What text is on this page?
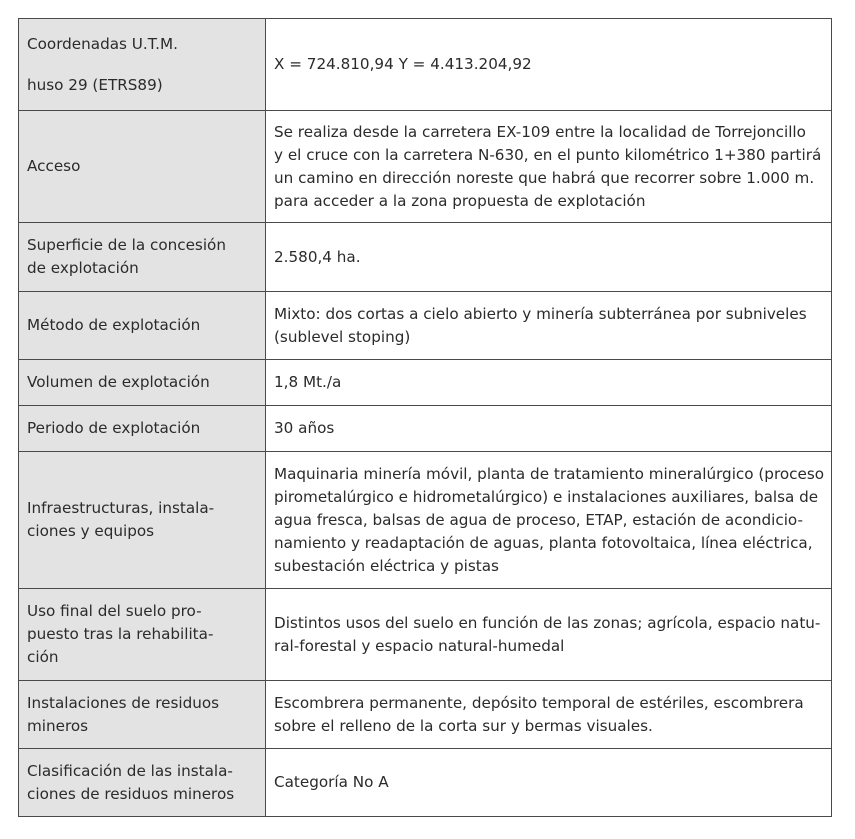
Coordenadas U.T.M.
huso 29 (ETRS89)	X = 724.810,94 Y = 4.413.204,92

Acceso	Se realiza desde la carretera EX-109 entre la localidad de Torrejoncillo
y el cruce con la carretera N-630, en el punto kilométrico 1+380 partirá
un camino en dirección noreste que habrá que recorrer sobre 1.000 m.
para acceder a la zona propuesta de explotación

Superficie de la concesión
de explotación	2.580,4 ha.

Método de explotación	Mixto: dos cortas a cielo abierto y minería subterránea por subniveles
(sublevel stoping)

Volumen de explotación	1,8 Mt./a

Periodo de explotación	30 años

Infraestructuras, instala-
ciones y equipos	Maquinaria minería móvil, planta de tratamiento mineralúrgico (proceso
pirometalúrgico e hidrometalúrgico) e instalaciones auxiliares, balsa de
agua fresca, balsas de agua de proceso, ETAP, estación de acondicio-
namiento y readaptación de aguas, planta fotovoltaica, línea eléctrica,
subestación eléctrica y pistas

Uso final del suelo pro-
puesto tras la rehabilita-
ción	Distintos usos del suelo en función de las zonas; agrícola, espacio natu-
ral-forestal y espacio natural-humedal

Instalaciones de residuos
mineros	Escombrera permanente, depósito temporal de estériles, escombrera
sobre el relleno de la corta sur y bermas visuales.

Clasificación de las instala-
ciones de residuos mineros	Categoría No A
